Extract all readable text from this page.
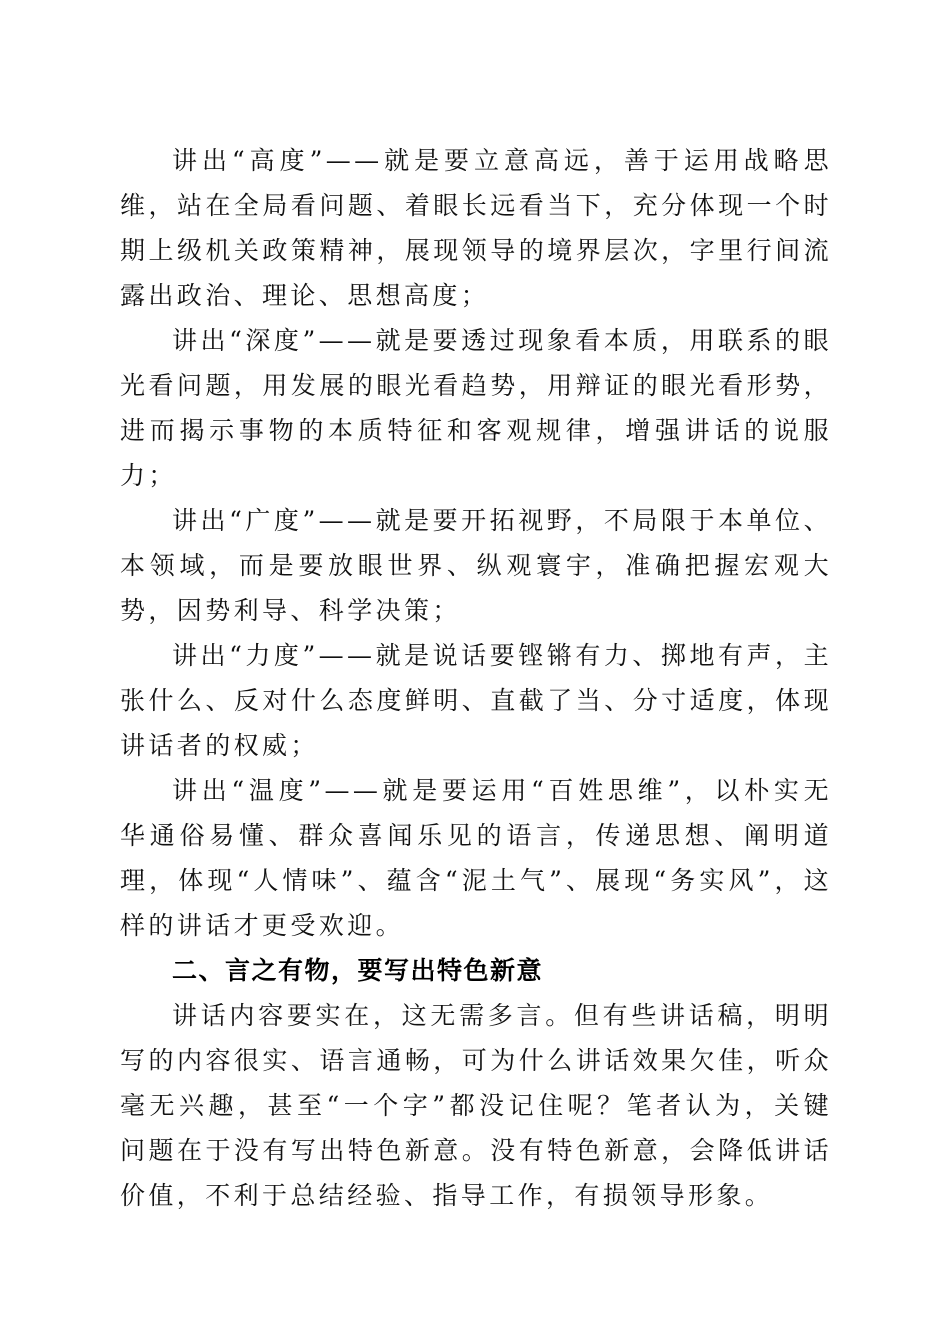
讲出“高度”——就是要立意高远，善于运用战略思维，站在全局看问题、着眼长远看当下，充分体现一个时期上级机关政策精神，展现领导的境界层次，字里行间流露出政治、理论、思想高度；

讲出“深度”——就是要透过现象看本质，用联系的眼光看问题，用发展的眼光看趋势，用辩证的眼光看形势，进而揭示事物的本质特征和客观规律，增强讲话的说服力；

讲出“广度”——就是要开拓视野，不局限于本单位、本领域，而是要放眼世界、纵观寰宇，准确把握宏观大势，因势利导、科学决策；

讲出“力度”——就是说话要铿锵有力、掷地有声，主张什么、反对什么态度鲜明、直截了当、分寸适度，体现讲话者的权威；

讲出“温度”——就是要运用“百姓思维”，以朴实无华通俗易懂、群众喜闻乐见的语言，传递思想、阐明道理，体现“人情味”、蕴含“泥土气”、展现“务实风”，这样的讲话才更受欢迎。

二、言之有物，要写出特色新意

讲话内容要实在，这无需多言。但有些讲话稿，明明写的内容很实、语言通畅，可为什么讲话效果欠佳，听众毫无兴趣，甚至“一个字”都没记住呢？笔者认为，关键问题在于没有写出特色新意。没有特色新意，会降低讲话价值，不利于总结经验、指导工作，有损领导形象。
